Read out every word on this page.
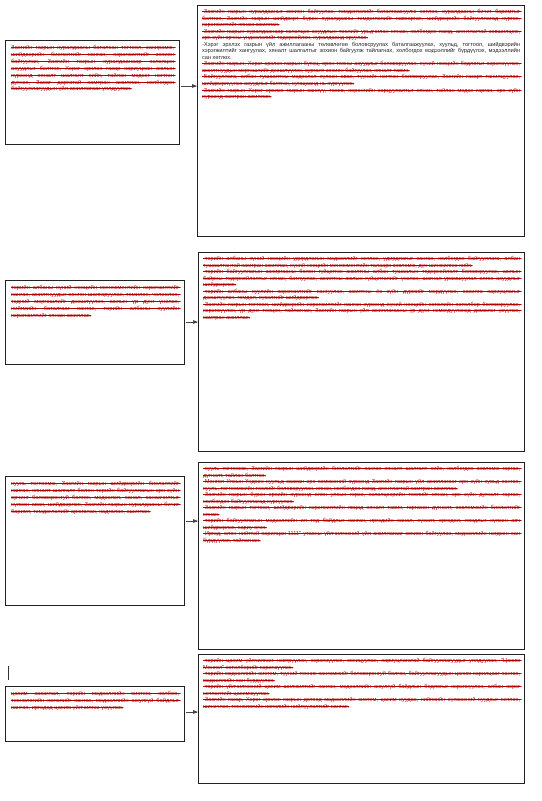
Засгийн газрын хуралдааны баталсан тогтоол, захирамж, шийдвэрийн биелэлтийг хангах, хэрэгжилтийг зохион байгуулах, Засгийн газрын хуралдаанаар хэлэлцэх асуудлыг бэлтгэх, Хэрэг эрхлэх газар хариуцсан ажлын хүрээнд хяналт шалгалт хийх, тайлан мэдээг нэгтгэн дүгнэх, Засаг даргатай хамтран ажиллах, холбогдох байгууллагуудын үйл ажиллагааг уялдуулах.
-Засгийн газрын хуралдааныг зохион байгуулах, тэмдэглэлийг баталгаажуулж хөтлөх, хуралдааны бичиг баримтыг бэлтгэх, Засгийн газрын шийдвэрт бүрэн хуралдааны тэмдэглэлийг хавсаргах, шийдвэрийн байгууллагад хүргэх, хэрэгжилтийг хянаж ажиллах.
-Засгийн газрын хуралдаанаар хэлэлцэх асуудлын төслийг урьдчилан хянаж, холбогдох яамд, агентлагтай зөвшилцөж, эрх зүйн орчны үндэслэлийг тодорхойлох, хуралдаанд оруулах.
-Хэрэг эрхлэх газрын үйл ажиллагааны төлөвлөгөө боловсруулах баталгаажуулах, хуульд, тогтоол, шийдвэрийн хэрэгжилтийг хангуулах, хяналт шалгалтыг зохион байгуулж тайлагнах, холбогдох мэдээллийг бүрдүүлэх, мэдээллийн сан хөтлөх.
-Засгийн газрын, Хэрэг эрхлэх газрын бүтэц, орон тооны асуудлыг боловсруулах, хүний нөөцийн бодлогыг хэрэгжүүлэх, ажилтнуудын мэргэшлийг дээшлүүлэх, сургалт зохион байгуулах, хяналт тавих.
-Байгууллага, албан тушаалтны мэдээлэл хүлээн авах, түүнийг нэгтгэн боловсруулах, Засгийн газарт танилцуулах, шийдвэрлүүлэх асуудлыг бэлтгэх, хугацаанд нь хүргүүлэх.
-Засгийн газрын Хэрэг эрхлэх газрын санхүү, төсөв, хөрөнгийн зарцуулалтыг хянан, тайлан мэдээ гаргах, эрх зүйн хүрээнд хамтран ажиллах.
төрийн албаны хүний нөөцийн менежментийн хэрэгжилтийг хангах, ажилтнуудыг сонгон шалгаруулах, томилох, чөлөөлөх, тэдний мэргэшлийг дээшлүүлэх, ажлын үр дүнг үнэлэх, нийгмийн баталгааг хангах, төрийн албаны хуулийн хэрэгжилтийг хянаж ажиллах.
-төрийн албаны хүний нөөцийн удирдлагын мэдээллийг хөтлөх, удирдлагыг хангах, холбогдох байгууллага, албан тушаалтантай хамтран ажиллах, хүний нөөцийн менежментийн талаарх зөвлөмж, дүн шинжилгээ хийх.
-төрийн байгууллагын захиргааны болон гүйцэтгэх ажилтны албан тушаалын тодорхойлолт боловсруулах, ажлын байрны тодорхойлолтыг хянах, батлуулах, ажилтны ажлын гүйцэтгэлийг үнэлэх, шагнал урамшуулал олгох асуудлыг шийдвэрлэх.
-төрийн албаны хуулийн хэрэгжилтийг хангуулах, ажилтны ёс зүйн дүрмийг мөрдүүлэх, сахилга хариуцлагыг дээшлүүлэх, гомдол, хүсэлтийг шийдвэрлэх.
-Засгийн газрын тогтоол, шийдвэрийн хэрэгжилтийг хангах хүрээнд хүний нөөцийн хөгжлийн хөтөлбөр боловсруулах, хэрэгжүүлэх, үр дүнг тооцох, тайлагнах, Засгийн газрын үйл ажиллагааны үр дүнг нэмэгдүүлэхэд дэмжлэг үзүүлэх, хамтран ажиллах.
хууль тогтоомж, Засгийн газрын шийдвэрийн биелэлтийг хангах, хяналт шалгалт болон төрийн байгууллагын эрх зүйн орчинг боловсронгуй болгох, мэдээлэл, санал, санаачилгыг хүлээн авах, шийдвэрлэх, Засгийн газрын хуралдааны бичиг баримт, тэмдэглэлийг архивлах, хадгалах, ашиглах.
-хууль тогтоомж, Засгийн газрын шийдвэрийн биелэлтийг хангах хяналт шалгалт хийх, холбогдох зөвлөмж гаргах, дүгнэлт, тайлан бэлтгэх.
-Монгол Улсын Үндсэн хуульд заасан эрх хэмжээний хүрээнд Засгийн газрын үйл ажиллагааг эрх зүйн хувьд хангах, хууль, тогтоомжийн төслийг боловсруулах, хянах, холбогдох яамд, агентлагтай хамтран ажиллах.
-Засгийн газрын бүрэн эрхийн хүрээнд олон улсын гэрээ, хэлэлцээрийн төслийг хянан, эрх зүйн дүгнэлт гаргах, холбогдох байгууллагад хүргүүлэх.
-Засгийн газрын тогтоол, шийдвэрийн хэрэгжилтийн явцад хяналт тавих, гаргасан дүгнэлт, зөвлөмжийн биелэлтийг хянах.
-төрийн байгууллагын мэдээллийн ил тод байдлыг хангах, иргэдийн санал, хүсэлт, өргөдөл, гомдлыг хүлээн авч шийдвэрлэх, хариу өгөх.
-Иргэд, олон нийттэй харилцах-1111" утасны үйлчилгээний үйл ажиллагааг зохион байгуулах, мэдээллийн нэгдсэн сан бүрдүүлэх, тайлагнах.
цахим засаглал, төрийн мэдээллийн систем, холбоо, технологийн хөгжлийг хангах, мэдээллийн аюулгүй байдлыг хангах, иргэдэд цахим үйлчилгээ үзүүлэх.
-төрийн цахим үйлчилгээг нэвтрүүлэх, хэрэгжүүлэх, зохицуулах, хариуцлагатай байгууллагуудыг уялдуулах, "Цахим Монгол" хөтөлбөрийг хэрэгжүүлэх.
-төрийн мэдээллийн систем, түүний техник хангамжийг боловсронгуй болгох, байгууллагуудын цахим харилцааг хангах, мэдээллийн сан бүрдүүлэх.
-төрийн үйлчилгээний цахим шилжилтийг хангах, мэдээллийн аюулгүй байдлын бодлогыг хэрэгжүүлэх, албан хэрэг хөтлөлтийг цахимжуулах.
-Засгийн газар, Хэрэг эрхлэх газрын дотоод мэдээллийн систем, цахим хуудас, нийгмийн сүлжээний хуудсыг хөтлөх, шинэчлэх, технологийн хөгжлийн нийлүүлэлтийг хангах.
